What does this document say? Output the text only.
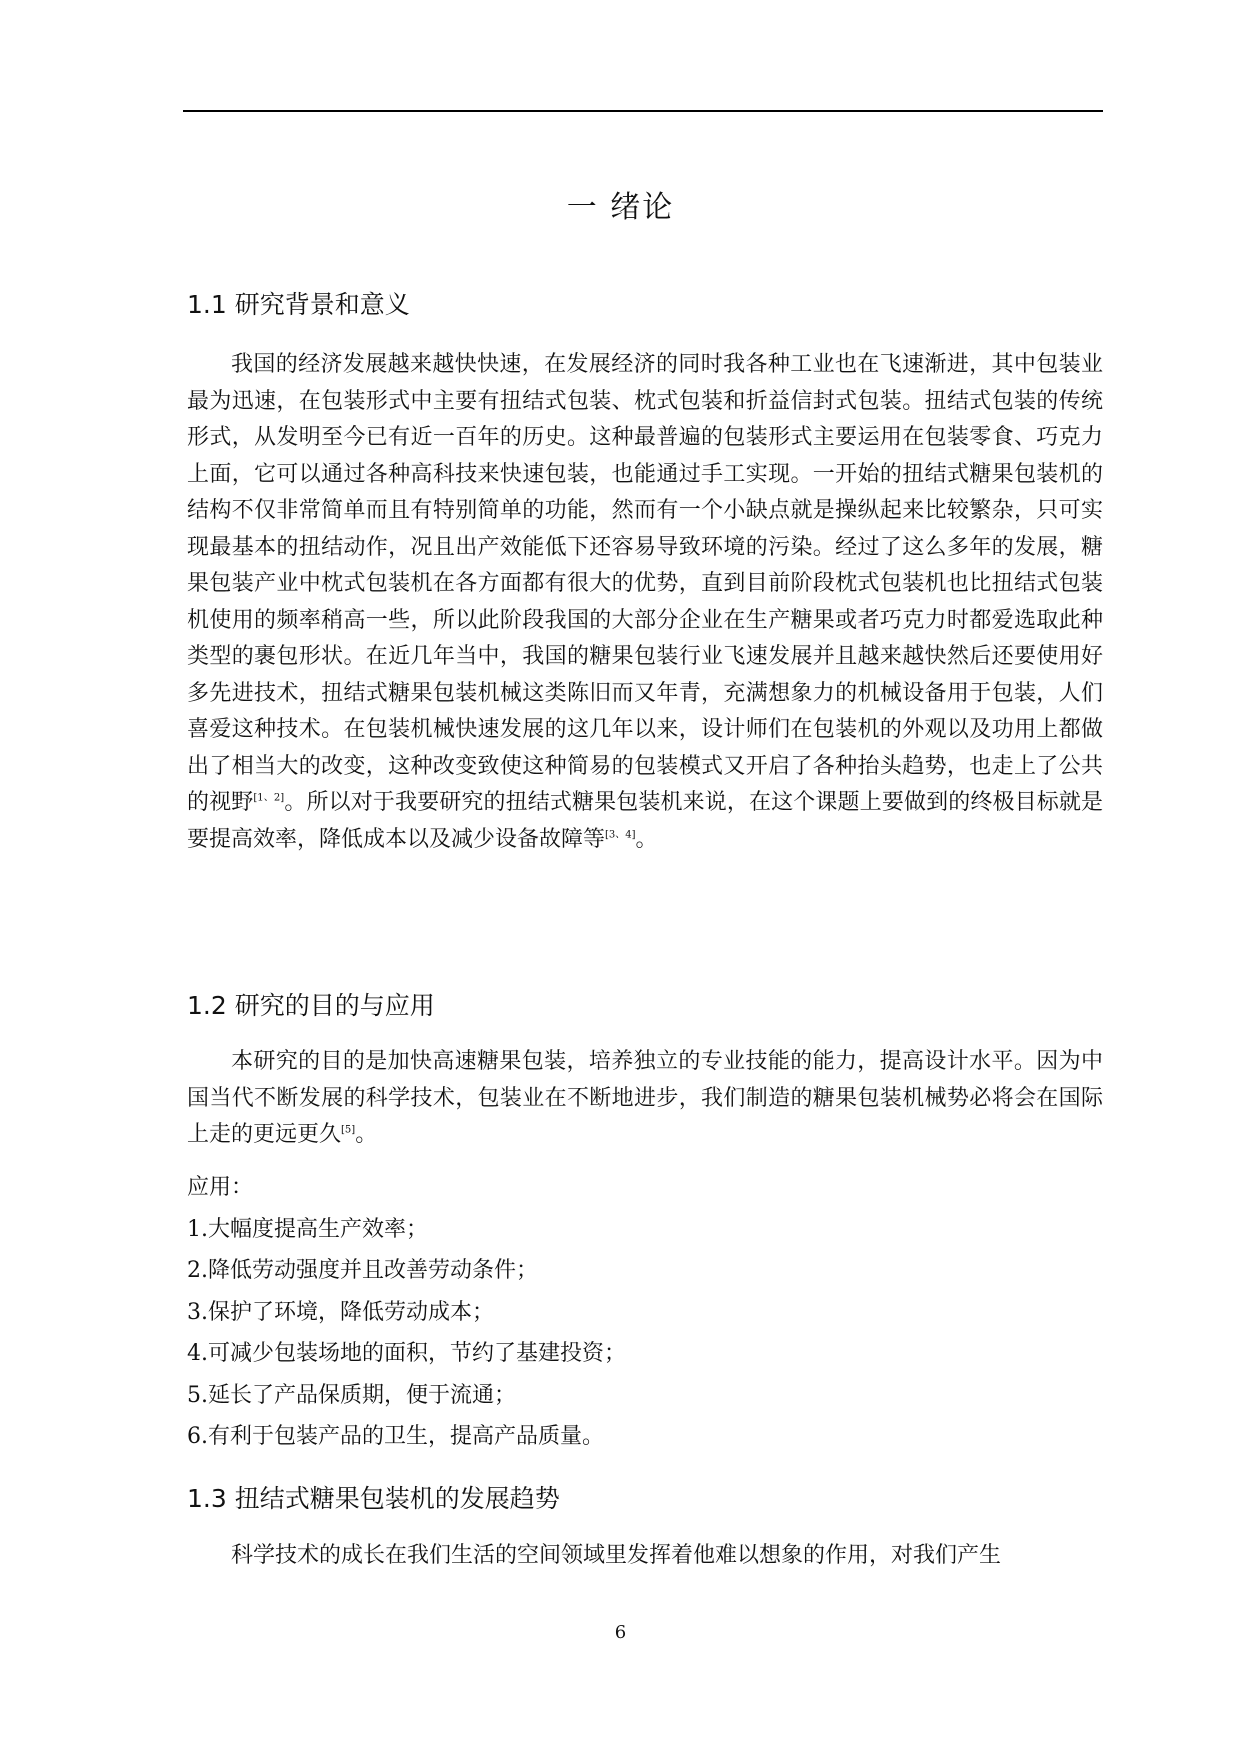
一 绪论
1.1 研究背景和意义
我国的经济发展越来越快快速，在发展经济的同时我各种工业也在飞速渐进，其中包装业最为迅速，在包装形式中主要有扭结式包装、枕式包装和折益信封式包装。扭结式包装的传统形式，从发明至今已有近一百年的历史。这种最普遍的包装形式主要运用在包装零食、巧克力上面，它可以通过各种高科技来快速包装，也能通过手工实现。一开始的扭结式糖果包装机的结构不仅非常简单而且有特别简单的功能，然而有一个小缺点就是操纵起来比较繁杂，只可实现最基本的扭结动作，况且出产效能低下还容易导致环境的污染。经过了这么多年的发展，糖果包装产业中枕式包装机在各方面都有很大的优势，直到目前阶段枕式包装机也比扭结式包装机使用的频率稍高一些，所以此阶段我国的大部分企业在生产糖果或者巧克力时都爱选取此种类型的裹包形状。在近几年当中，我国的糖果包装行业飞速发展并且越来越快然后还要使用好多先进技术，扭结式糖果包装机械这类陈旧而又年青，充满想象力的机械设备用于包装，人们喜爱这种技术。在包装机械快速发展的这几年以来，设计师们在包装机的外观以及功用上都做出了相当大的改变，这种改变致使这种简易的包装模式又开启了各种抬头趋势，也走上了公共的视野[1、2]。所以对于我要研究的扭结式糖果包装机来说，在这个课题上要做到的终极目标就是要提高效率，降低成本以及减少设备故障等[3、4]。
1.2 研究的目的与应用
本研究的目的是加快高速糖果包装，培养独立的专业技能的能力，提高设计水平。因为中国当代不断发展的科学技术，包装业在不断地进步，我们制造的糖果包装机械势必将会在国际上走的更远更久[5]。
应用：
1.大幅度提高生产效率；
2.降低劳动强度并且改善劳动条件；
3.保护了环境，降低劳动成本；
4.可减少包装场地的面积，节约了基建投资；
5.延长了产品保质期，便于流通；
6.有利于包装产品的卫生，提高产品质量。
1.3 扭结式糖果包装机的发展趋势
科学技术的成长在我们生活的空间领域里发挥着他难以想象的作用，对我们产生
6
